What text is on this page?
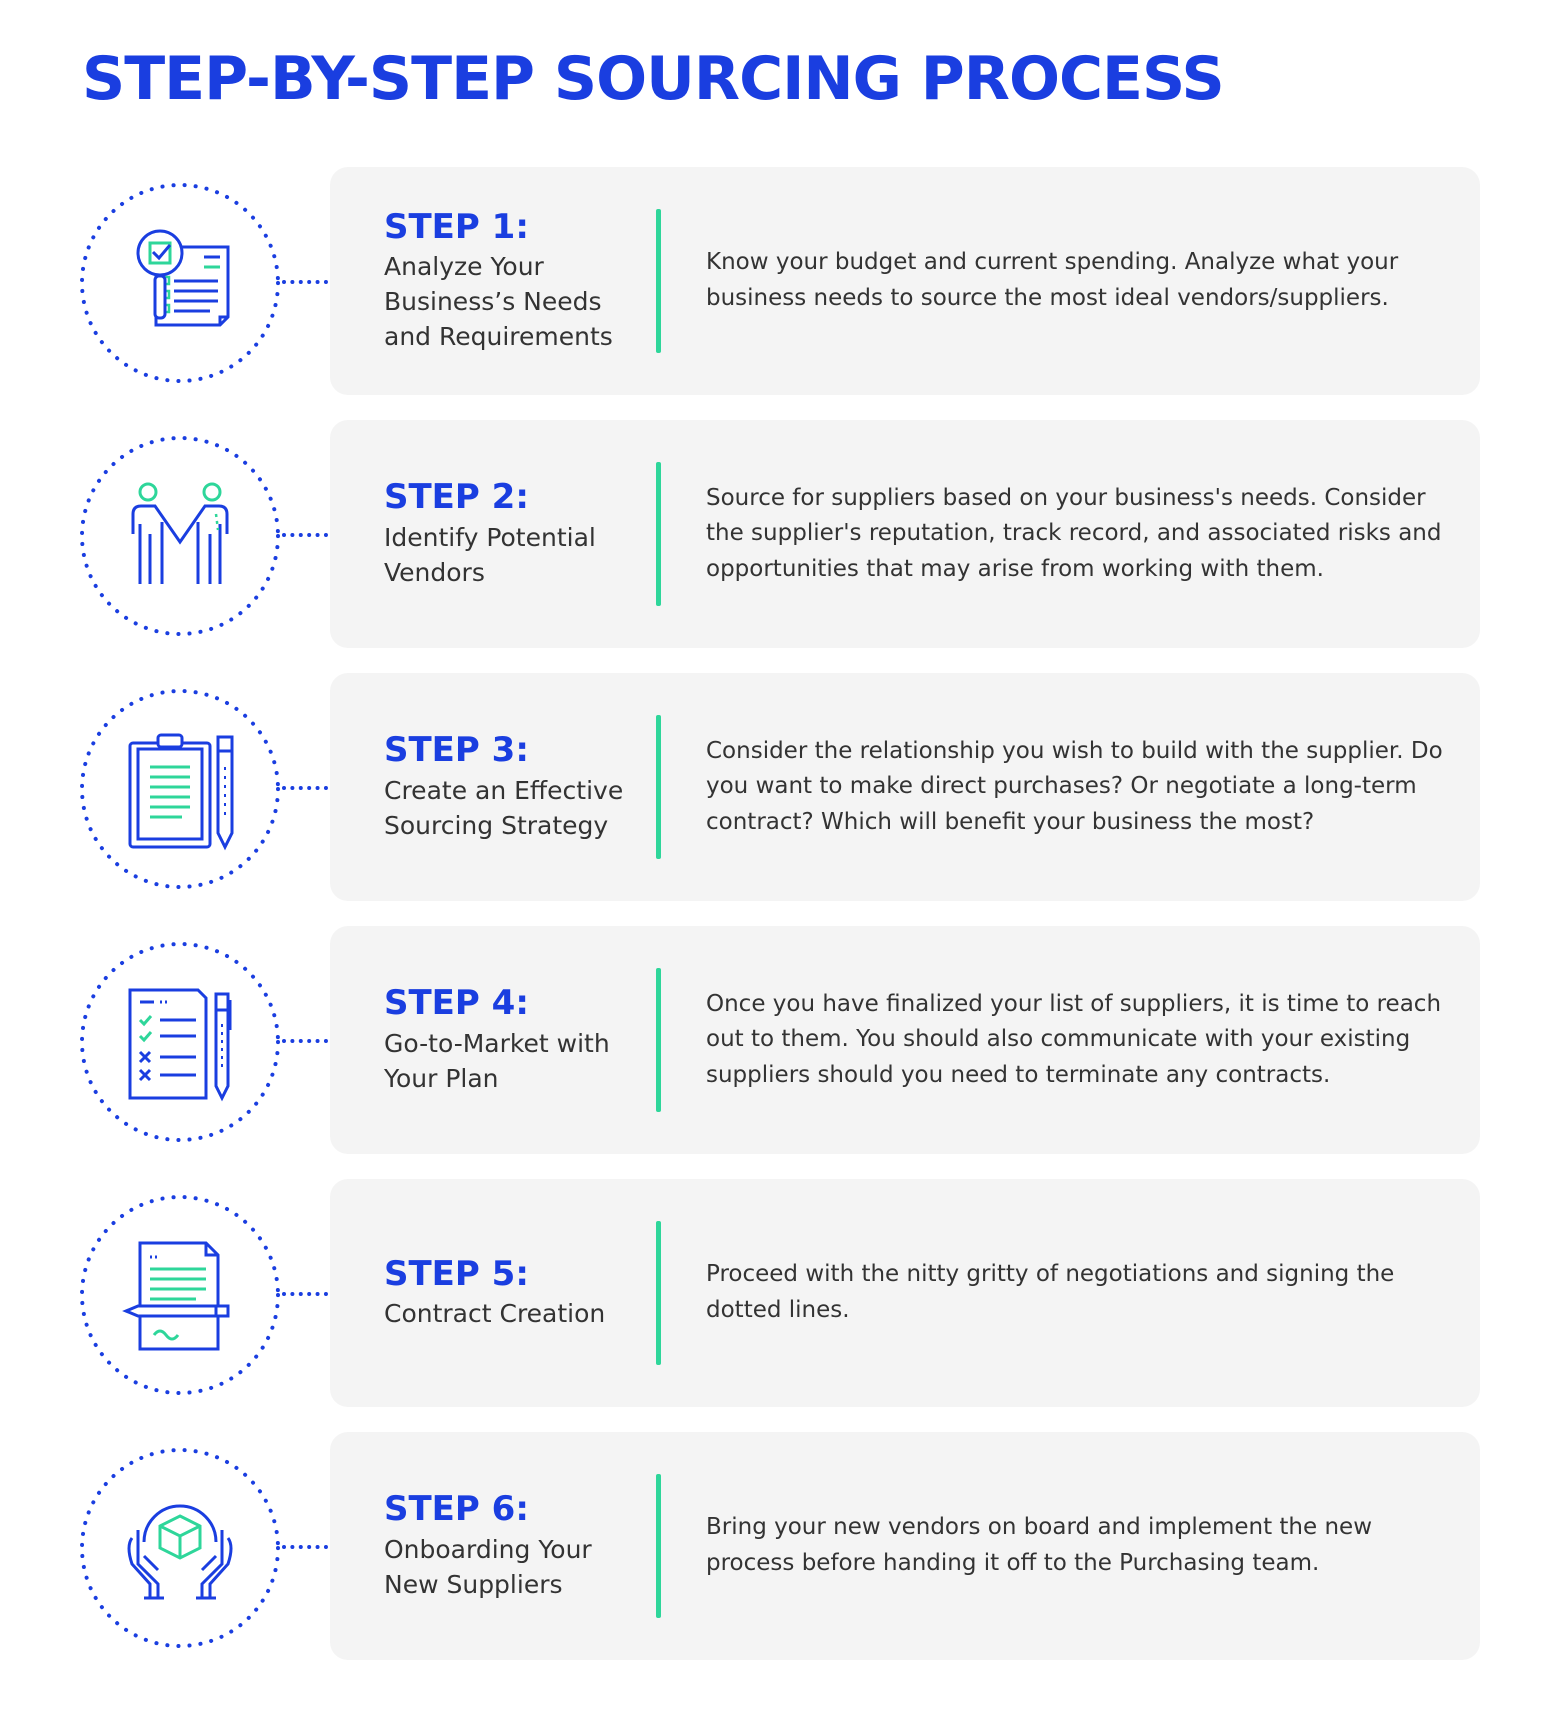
STEP-BY-STEP SOURCING PROCESS
STEP 1:
Analyze Your Business’s Needs and Requirements
Know your budget and current spending. Analyze what your business needs to source the most ideal vendors/suppliers.
STEP 2:
Identify Potential Vendors
Source for suppliers based on your business's needs. Consider the supplier's reputation, track record, and associated risks and opportunities that may arise from working with them.
STEP 3:
Create an Effective Sourcing Strategy
Consider the relationship you wish to build with the supplier. Do you want to make direct purchases? Or negotiate a long-term contract? Which will benefit your business the most?
STEP 4:
Go-to-Market with Your Plan
Once you have finalized your list of suppliers, it is time to reach out to them. You should also communicate with your existing suppliers should you need to terminate any contracts.
STEP 5:
Contract Creation
Proceed with the nitty gritty of negotiations and signing the dotted lines.
STEP 6:
Onboarding Your New Suppliers
Bring your new vendors on board and implement the new process before handing it off to the Purchasing team.
